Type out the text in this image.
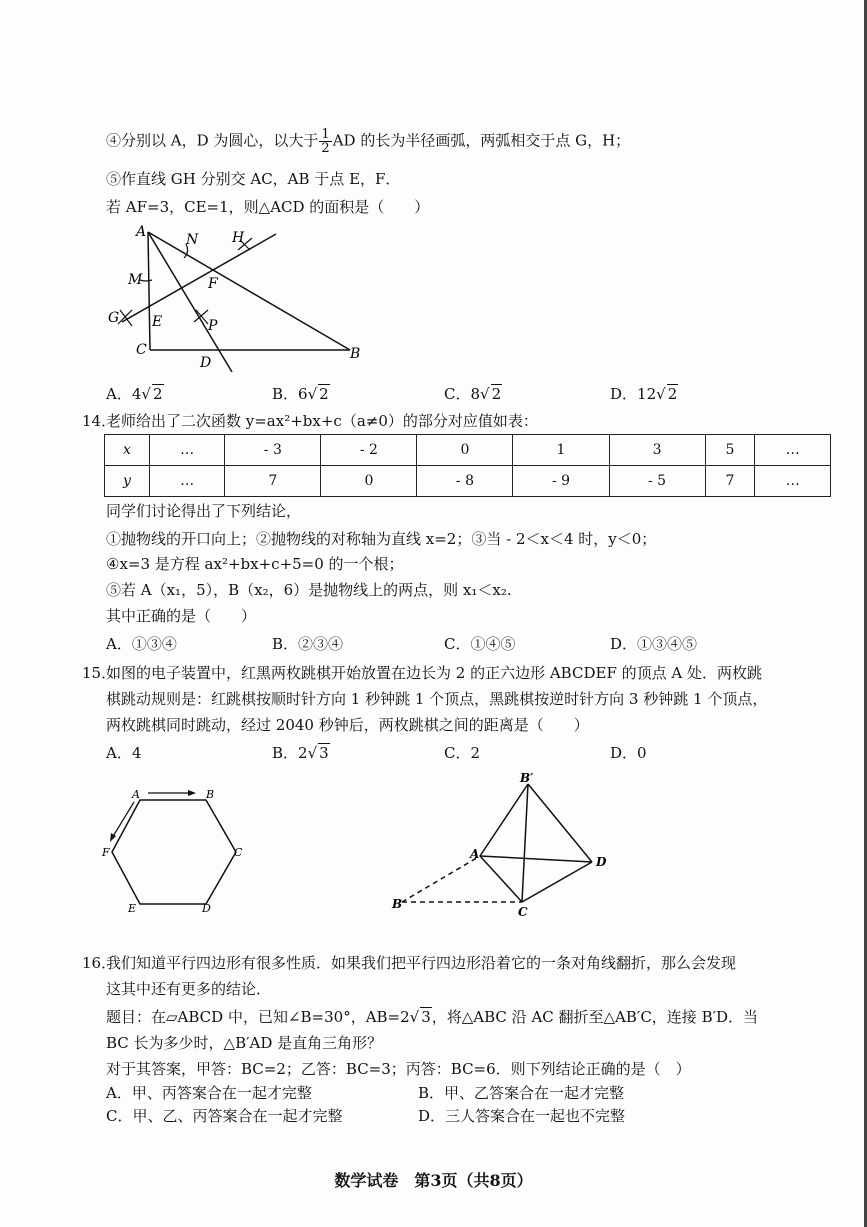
④分别以 A，D 为圆心，以大于 $\frac{1}{2}$ AD 的长为半径画弧，两弧相交于点 G，H；
⑤作直线 GH 分别交 AC，AB 于点 E，F．
若 AF=3，CE=1，则△ACD 的面积是（　　）
A	N H
M	F
G E	P
C
D
B
A．4√ 2	B．6√ 2	C．8√ 2	D．12√ 2
14．
老师给出了二次函数 y=ax²+bx+c（a≠0）的部分对应值如表：
x	…	- 3	- 2	0	1	3	5	…
y	…	7	0	- 8	- 9	- 5	7	…
同学们讨论得出了下列结论，
①抛物线的开口向上；②抛物线的对称轴为直线 x=2；③当 - 2＜x＜4 时，y＜0；
④x=3 是方程 ax²+bx+c+5=0 的一个根；
⑤若 A（x₁，5），B（x₂，6）是抛物线上的两点，则 x₁＜x₂.
其中正确的是（　　）
A．①③④	B．②③④	C．①④⑤	D．①③④⑤
15．
如图的电子装置中，红黑两枚跳棋开始放置在边长为 2 的正六边形 ABCDEF 的顶点 A 处．两枚跳
棋跳动规则是：红跳棋按顺时针方向 1 秒钟跳 1 个顶点，黑跳棋按逆时针方向 3 秒钟跳 1 个顶点，
两枚跳棋同时跳动，经过 2040 秒钟后，两枚跳棋之间的距离是（　　）
A．4	B．2√ 3	C．2	D．0
A	B
C
D
E
F
B′
A
D
B
C
16．
我们知道平行四边形有很多性质．如果我们把平行四边形沿着它的一条对角线翻折，那么会发现
这其中还有更多的结论．
题目：在▱ABCD 中，已知∠B=30°，AB=2√ 3，将△ABC 沿 AC 翻折至△AB′C，连接 B′D．当
BC 长为多少时，△B′AD 是直角三角形？
对于其答案，甲答：BC=2；乙答：BC=3；丙答：BC=6．则下列结论正确的是（　）
A．甲、丙答案合在一起才完整	B．甲、乙答案合在一起才完整
C．甲、乙、丙答案合在一起才完整	D．三人答案合在一起也不完整
数学试卷　第3页（共8页）
